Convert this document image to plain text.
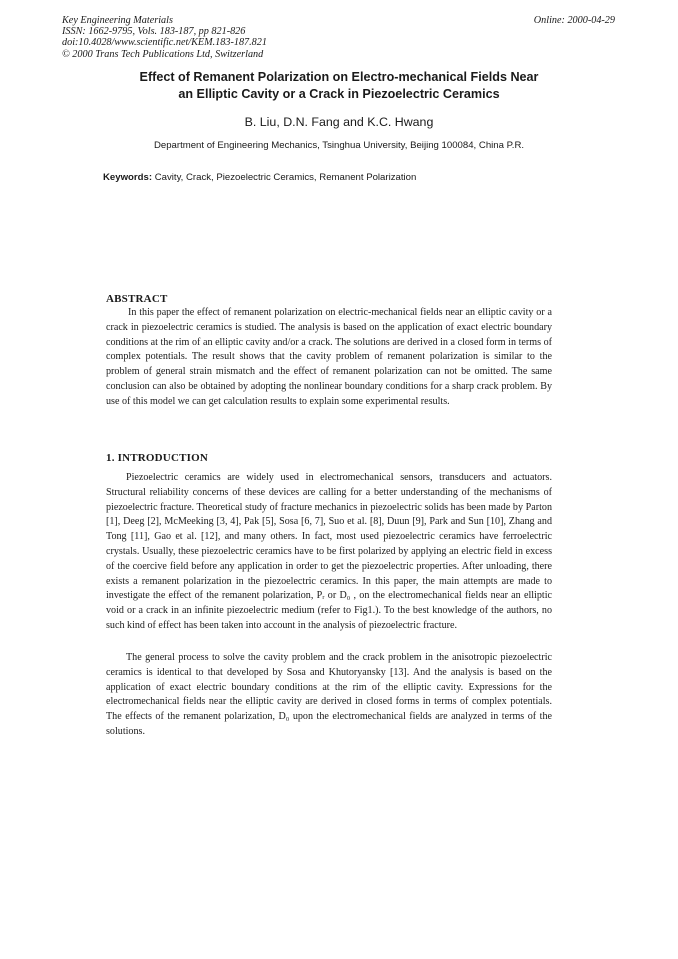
Key Engineering Materials
ISSN: 1662-9795, Vols. 183-187, pp 821-826
doi:10.4028/www.scientific.net/KEM.183-187.821
© 2000 Trans Tech Publications Ltd, Switzerland
Online: 2000-04-29
Effect of Remanent Polarization on Electro-mechanical Fields Near
an Elliptic Cavity or a Crack in Piezoelectric Ceramics
B. Liu, D.N. Fang and K.C. Hwang
Department of Engineering Mechanics, Tsinghua University, Beijing 100084, China P.R.
Keywords: Cavity, Crack, Piezoelectric Ceramics, Remanent Polarization
ABSTRACT
In this paper the effect of remanent polarization on electric-mechanical fields near an elliptic cavity or a crack in piezoelectric ceramics is studied. The analysis is based on the application of exact electric boundary conditions at the rim of an elliptic cavity and/or a crack. The solutions are derived in a closed form in terms of complex potentials. The result shows that the cavity problem of remanent polarization is similar to the problem of general strain mismatch and the effect of remanent polarization can not be omitted. The same conclusion can also be obtained by adopting the nonlinear boundary conditions for a sharp crack problem. By use of this model we can get calculation results to explain some experimental results.
1. INTRODUCTION
Piezoelectric ceramics are widely used in electromechanical sensors, transducers and actuators. Structural reliability concerns of these devices are calling for a better understanding of the mechanisms of piezoelectric fracture. Theoretical study of fracture mechanics in piezoelectric solids has been made by Parton [1], Deeg [2], McMeeking [3, 4], Pak [5], Sosa [6, 7], Suo et al. [8], Duun [9], Park and Sun [10], Zhang and Tong [11], Gao et al. [12], and many others. In fact, most used piezoelectric ceramics have ferroelectric crystals. Usually, these piezoelectric ceramics have to be first polarized by applying an electric field in excess of the coercive field before any application in order to get the piezoelectric properties. After unloading, there exists a remanent polarization in the piezoelectric ceramics. In this paper, the main attempts are made to investigate the effect of the remanent polarization, Pᵣ or D₀ , on the electromechanical fields near an elliptic void or a crack in an infinite piezoelectric medium (refer to Fig1.). To the best knowledge of the authors, no such kind of effect has been taken into account in the analysis of piezoelectric fracture.
The general process to solve the cavity problem and the crack problem in the anisotropic piezoelectric ceramics is identical to that developed by Sosa and Khutoryansky [13]. And the analysis is based on the application of exact electric boundary conditions at the rim of the elliptic cavity. Expressions for the electromechanical fields near the elliptic cavity are derived in closed forms in terms of complex potentials. The effects of the remanent polarization, D₀ upon the electromechanical fields are analyzed in terms of the solutions.
